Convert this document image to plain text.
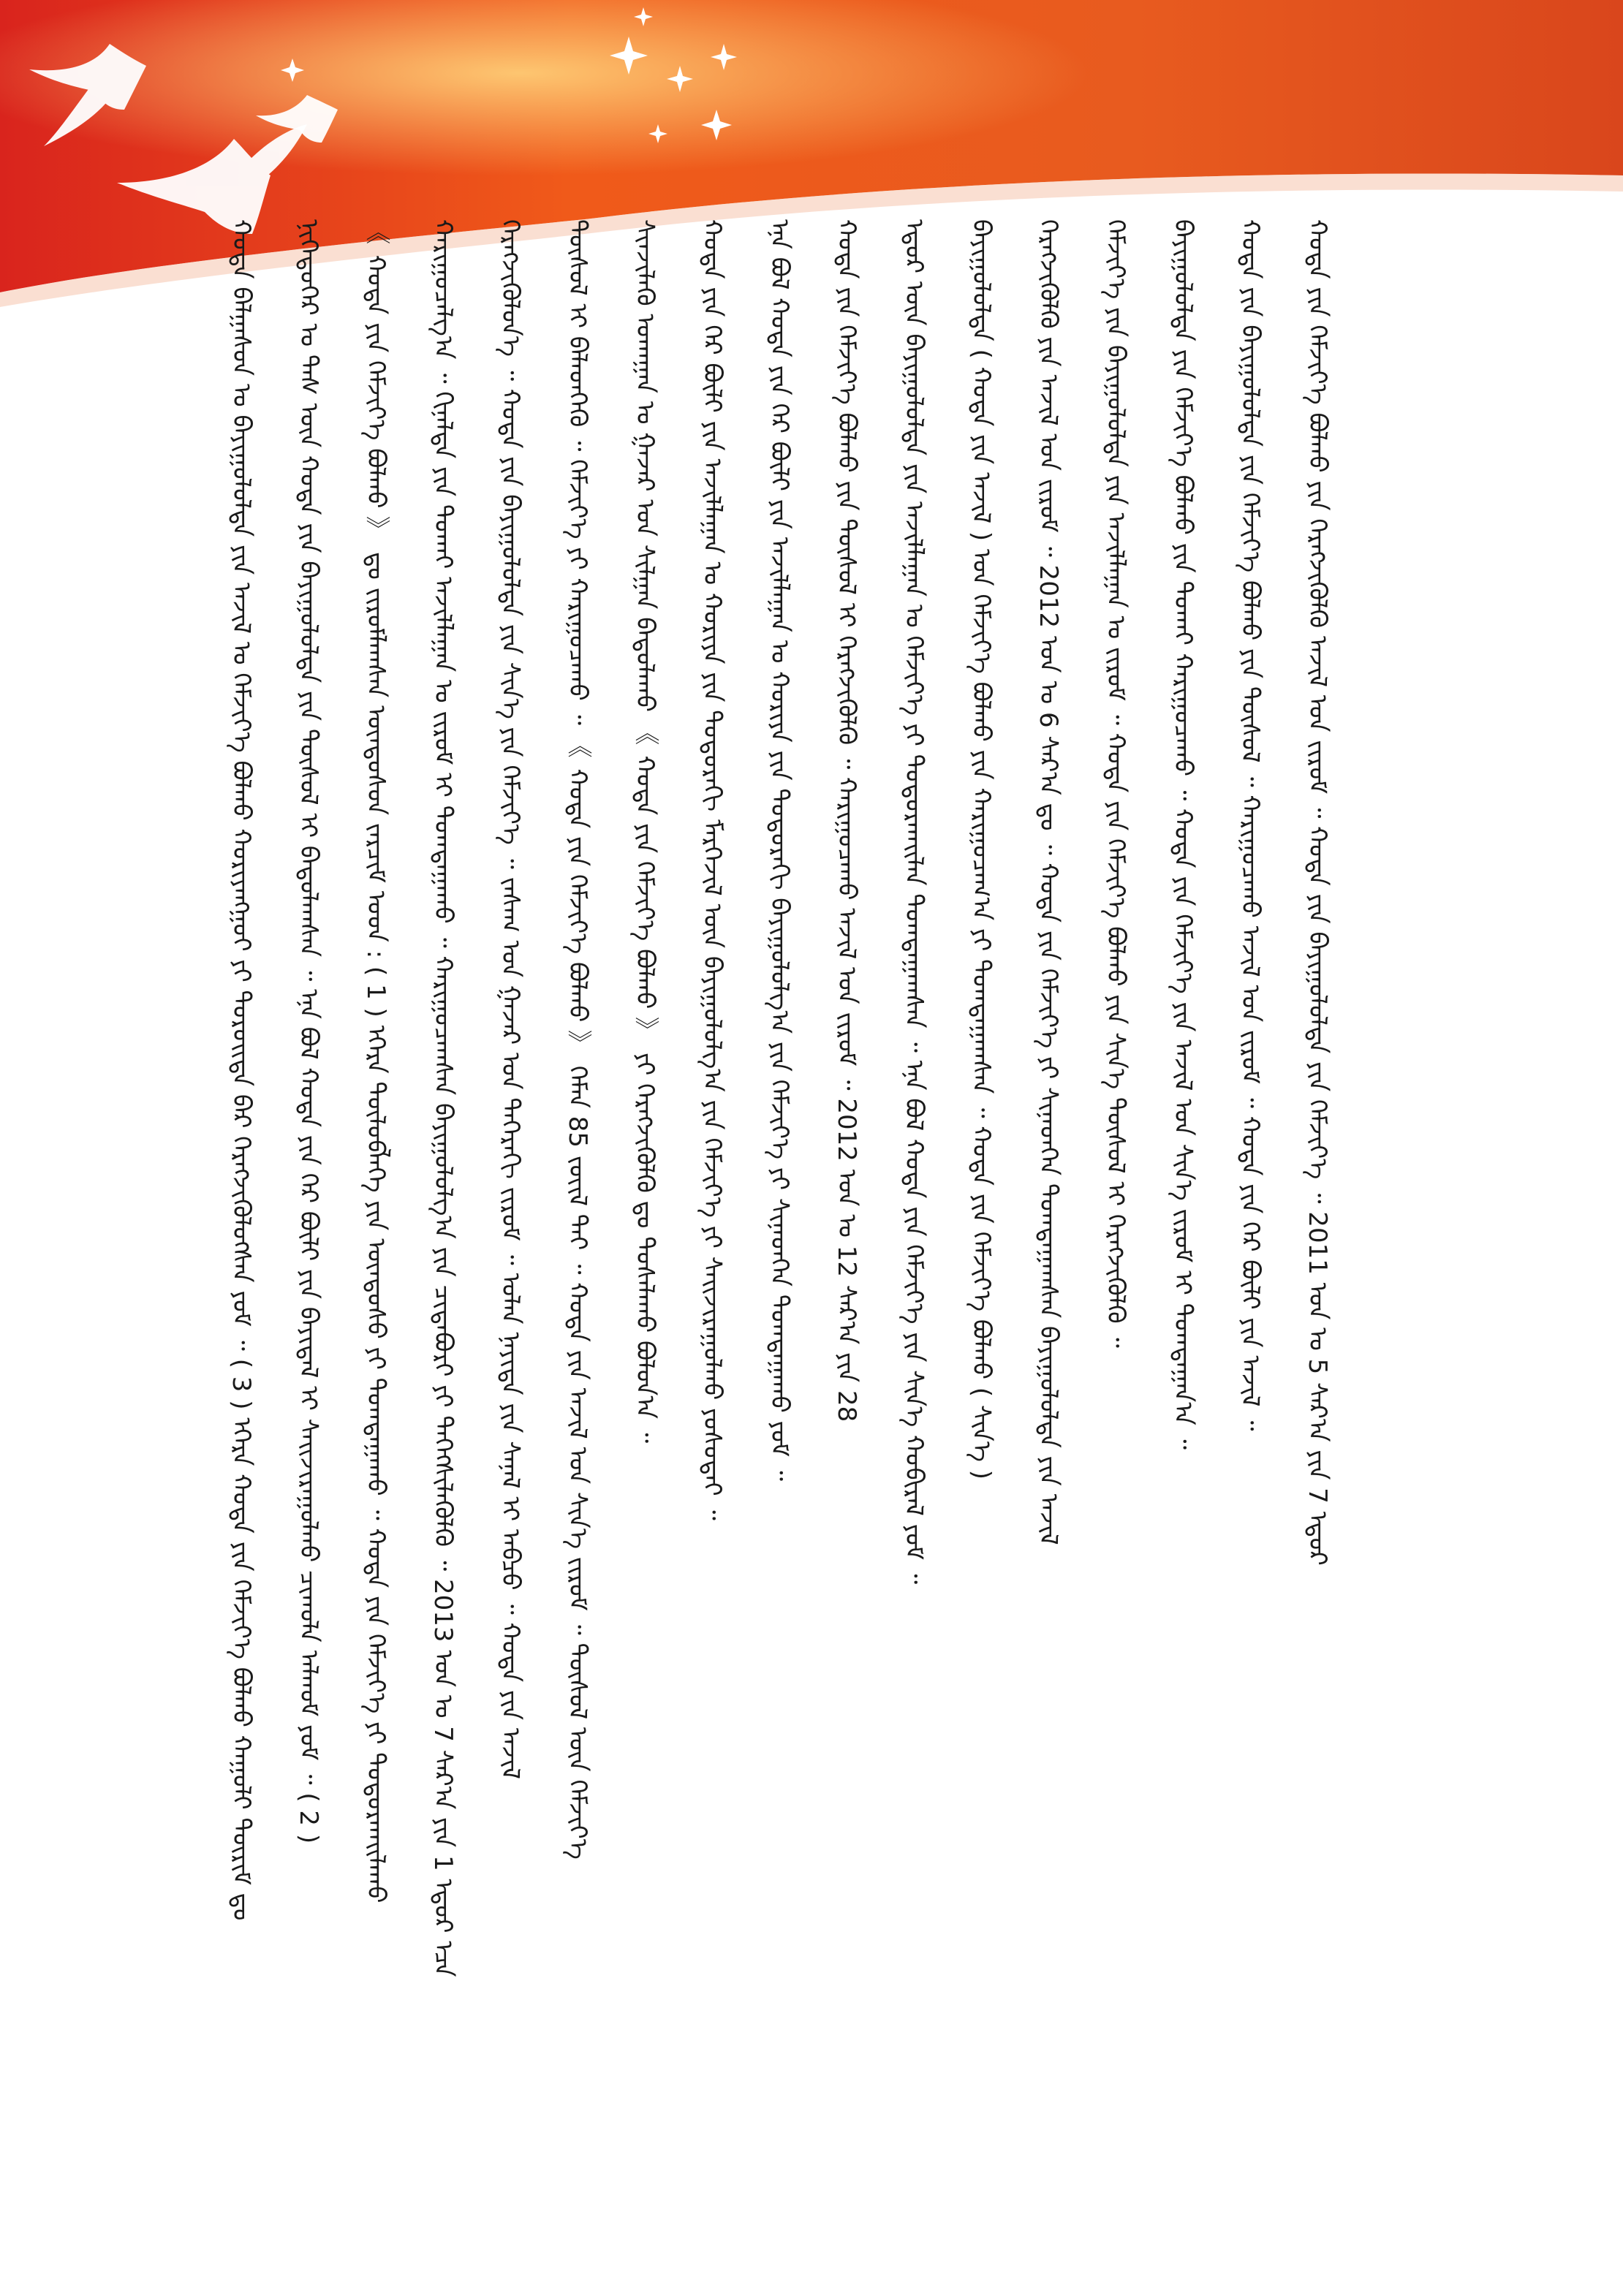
ᠬᠤᠲᠠ ᠪᠠᠯᠭᠠᠰᠤᠨ ᠤ ᠪᠠᠶᠢᠭᠤᠯᠤᠯᠲᠠ ᠶᠢᠨ ᠠᠵᠢᠯ ᠤ ᠬᠡᠮᠵᠢᠶ᠎ᠡ ᠪᠣᠯᠬᠤ ᠬᠤᠷᠢᠶᠠᠩᠭᠤᠢ ᠶᠢ ᠳᠣᠷᠤᠢᠲᠠ ᠪᠡᠷ ᠬᠡᠷᠡᠭᠵᠢᠭᠦᠯᠦᠭᠰᠡᠨ ᠶᠤᠮ ᠃ ( 3 ) ᠡᠬᠡᠷᠡ ᠬᠣᠲᠠ ᠶᠢᠨ ᠬᠡᠮᠵᠢᠶ᠎ᠡ ᠪᠣᠯᠬᠤ ᠬᠠᠭᠤᠯᠢ ᠳᠦᠷᠢᠮ ᠳᠤ ᠨᠢᠭᠡᠳᠦᠭᠡᠷ ᠤ ᠳᠡᠰ ᠦᠨ ᠬᠣᠲᠠ ᠶᠢᠨ ᠪᠠᠶᠢᠭᠤᠯᠤᠯᠲᠠ ᠶᠢᠨ ᠲᠥᠰᠦᠯ ᠢ ᠪᠠᠲᠤᠯᠠᠭᠰᠠᠨ ᠃ ᠡᠨᠡ ᠪᠣᠯ ᠬᠣᠲᠠ ᠶᠢᠨ ᠭᠡᠷ ᠪᠦᠯᠢ ᠶᠢᠨ ᠪᠠᠶᠢᠳᠠᠯ ᠢ ᠰᠠᠢᠵᠢᠷᠠᠭᠤᠯᠬᠤ ᠴᠢᠬᠤᠯᠠ ᠠᠯᠬᠤᠮ ᠶᠤᠮ ᠃ ( 2 ) 《 ᠬᠣᠲᠠ ᠶᠢᠨ ᠬᠡᠮᠵᠢᠶ᠎ᠡ ᠪᠣᠯᠬᠤ 》 ᠳᠤ ᠵᠢᠷᠤᠮᠯᠠᠭᠰᠠᠨ ᠦᠨᠳᠦᠰᠦᠨ ᠵᠠᠷᠴᠢᠮ ᠤᠳ : ( 1 ) ᠡᠬᠡᠷᠡ ᠲᠥᠯᠥᠪᠯᠡᠭᠡ ᠶᠢᠨ ᠦᠨᠳᠦᠰᠦ ᠶᠢ ᠲᠣᠭᠲᠠᠭᠠᠬᠤ ᠃ ᠬᠣᠲᠠ ᠶᠢᠨ ᠬᠡᠮᠵᠢᠶ᠎ᠡ ᠶᠢ ᠲᠣᠳᠤᠷᠬᠠᠢᠯᠠᠬᠤ ᠬᠠᠷᠢᠭᠤᠴᠠᠯᠭ᠎ᠠ ᠃ ᠬᠢᠨᠠᠯᠲᠠ ᠶᠢᠨ ᠲᠤᠬᠠᠢ ᠠᠵᠢᠯᠯᠠᠭᠠᠨ ᠤ ᠵᠢᠷᠤᠮ ᠢ ᠲᠣᠭᠲᠠᠭᠠᠬᠤ ᠃ ᠬᠠᠷᠢᠭᠤᠴᠠᠭᠰᠠᠨ ᠪᠠᠶᠢᠭᠤᠯᠤᠯᠭ᠎ᠠ ᠶᠢᠨ ᠴᠢᠳᠠᠪᠤᠷᠢ ᠶᠢ ᠳᠡᠭᠡᠭᠰᠢᠯᠡᠭᠦᠯᠬᠦ ᠃ 2013 ᠣᠨ ᠤ 7 ᠰᠠᠷ᠎ᠠ ᠶᠢᠨ 1 ᠡᠳᠦᠷ ᠡᠴᠡ ᠬᠡᠷᠡᠭᠵᠢᠭᠦᠯᠦᠨ᠎ᠡ ᠃ ᠬᠣᠲᠠ ᠶᠢᠨ ᠪᠠᠶᠢᠭᠤᠯᠤᠯᠲᠠ ᠶᠢᠨ ᠰᠢᠨ᠎ᠡ ᠶᠢᠨ ᠬᠡᠮᠵᠢᠶ᠎ᠡ ᠃ ᠵᠠᠰᠠᠭ ᠤᠨ ᠭᠠᠵᠠᠷ ᠤᠨ ᠳᠡᠭᠡᠷᠡᠬᠢ ᠵᠢᠷᠤᠮ ᠃ ᠣᠯᠠᠨ ᠨᠡᠶᠢᠲᠡ ᠶᠢᠨ ᠰᠠᠨᠠᠯ ᠢ ᠠᠪᠴᠤ ᠃ ᠬᠣᠲᠠ ᠶᠢᠨ ᠠᠵᠢᠯ ᠲᠥᠰᠦᠯ ᠢ ᠪᠡᠯᠡᠳᠬᠡᠬᠦ ᠃ ᠬᠡᠮᠵᠢᠶ᠎ᠡ ᠶᠢ ᠬᠠᠷᠢᠭᠤᠴᠠᠬᠤ ᠃ 《 ᠬᠣᠲᠠ ᠶᠢᠨ ᠬᠡᠮᠵᠢᠶ᠎ᠡ ᠪᠣᠯᠬᠤ 》 ᠬᠡᠮᠡᠨ 85 ᠵᠦᠢᠯ ᠲᠠᠢ ᠃ ᠬᠣᠲᠠ ᠶᠢᠨ ᠠᠵᠢᠯ ᠤᠨ ᠰᠢᠨ᠎ᠡ ᠵᠢᠷᠤᠮ ᠃ ᠲᠥᠰᠦᠯ ᠦᠨ ᠬᠡᠮᠵᠢᠶ᠎ᠡ ᠰᠢᠨᠵᠢᠯᠡᠬᠦ ᠤᠬᠠᠭᠠᠨ ᠤ ᠭᠠᠵᠠᠷ ᠤᠨ ᠰᠢᠯᠭᠠᠨ ᠪᠠᠲᠤᠯᠠᠬᠤ 《 ᠬᠣᠲᠠ ᠶᠢᠨ ᠬᠡᠮᠵᠢᠶ᠎ᠡ ᠪᠣᠯᠬᠤ 》 ᠶᠢ ᠬᠡᠷᠡᠭᠵᠢᠭᠦᠯᠬᠦ ᠳᠤ ᠲᠤᠰᠠᠯᠠᠬᠤ ᠪᠣᠯᠤᠨ᠎ᠠ ᠃ ᠬᠣᠲᠠ ᠶᠢᠨ ᠭᠡᠷ ᠪᠦᠯᠢ ᠶᠢᠨ ᠠᠵᠢᠯᠯᠠᠭᠠᠨ ᠤ ᠬᠣᠷᠢᠶᠠ ᠶᠢᠨ ᠳᠣᠲᠣᠷᠠᠬᠢ ᠮᠡᠷᠭᠡᠵᠢᠯ ᠦᠨ ᠪᠠᠶᠢᠭᠤᠯᠤᠯᠭ᠎ᠠ ᠶᠢᠨ ᠬᠡᠮᠵᠢᠶ᠎ᠡ ᠶᠢ ᠰᠠᠢᠵᠢᠷᠠᠭᠤᠯᠬᠤ ᠶᠤᠰᠤᠳᠠᠢ ᠃ ᠡᠨᠡ ᠪᠣᠯ ᠬᠣᠲᠠ ᠶᠢᠨ ᠭᠡᠷ ᠪᠦᠯᠢ ᠶᠢᠨ ᠠᠵᠢᠯᠯᠠᠭᠠᠨ ᠤ ᠬᠣᠷᠢᠶᠠ ᠶᠢᠨ ᠳᠣᠲᠣᠷᠠᠬᠢ ᠪᠠᠶᠢᠭᠤᠯᠤᠯᠭ᠎ᠠ ᠶᠢᠨ ᠬᠡᠮᠵᠢᠶ᠎ᠡ ᠶᠢ ᠰᠢᠨᠡᠳᠬᠡᠨ ᠲᠣᠭᠲᠠᠭᠠᠬᠤ ᠶᠤᠮ ᠃ ᠬᠣᠲᠠ ᠶᠢᠨ ᠬᠡᠮᠵᠢᠶ᠎ᠡ ᠪᠣᠯᠬᠤ ᠶᠢᠨ ᠲᠥᠰᠦᠯ ᠢ ᠬᠡᠷᠡᠭᠵᠢᠭᠦᠯᠬᠦ ᠃ ᠬᠠᠷᠢᠭᠤᠴᠠᠬᠤ ᠠᠵᠢᠯ ᠤᠨ ᠵᠢᠷᠤᠮ ᠃ 2012 ᠣᠨ ᠤ 12 ᠰᠠᠷ᠎ᠠ ᠶᠢᠨ 28 ᠡᠳᠦᠷ ᠦᠨ ᠪᠠᠶᠢᠭᠤᠯᠤᠯᠲᠠ ᠶᠢᠨ ᠠᠵᠢᠯᠯᠠᠭᠠᠨ ᠤ ᠬᠡᠮᠵᠢᠶ᠎ᠡ ᠶᠢ ᠲᠣᠳᠤᠷᠬᠠᠢᠯᠠᠨ ᠲᠣᠭᠲᠠᠭᠠᠭᠰᠠᠨ ᠃ ᠡᠨᠡ ᠪᠣᠯ ᠬᠣᠲᠠ ᠶᠢᠨ ᠬᠡᠮᠵᠢᠶ᠎ᠡ ᠶᠢᠨ ᠰᠢᠨ᠎ᠡ ᠬᠤᠪᠢᠷᠠᠯ ᠶᠤᠮ ᠃ ᠪᠠᠶᠢᠭᠤᠯᠤᠯᠲᠠ ( ᠬᠣᠲᠠ ᠶᠢᠨ ᠠᠵᠢᠯ ) ᠤᠨ ᠬᠡᠮᠵᠢᠶ᠎ᠡ ᠪᠣᠯᠬᠤ ᠶᠢᠨ ᠬᠠᠷᠢᠭᠤᠴᠠᠭ᠎ᠠ ᠶᠢ ᠲᠣᠭᠲᠠᠭᠠᠭᠰᠠᠨ ᠃ ᠬᠣᠲᠠ ᠶᠢᠨ ᠬᠡᠮᠵᠢᠶ᠎ᠡ ᠪᠣᠯᠬᠤ ( ᠰᠢᠨ᠎ᠡ ) ᠬᠡᠷᠡᠭᠵᠢᠭᠦᠯᠬᠦ ᠶᠢᠨ ᠠᠵᠢᠯ ᠤᠨ ᠵᠢᠷᠤᠮ ᠃ 2012 ᠣᠨ ᠤ 6 ᠰᠠᠷ᠎ᠠ ᠳᠤ ᠃ ᠬᠣᠲᠠ ᠶᠢᠨ ᠬᠡᠮᠵᠢᠶ᠎ᠡ ᠶᠢ ᠰᠢᠨᠡᠳᠬᠡᠨ ᠲᠣᠭᠲᠠᠭᠠᠭᠰᠠᠨ ᠪᠠᠶᠢᠭᠤᠯᠤᠯᠲᠠ ᠶᠢᠨ ᠠᠵᠢᠯ ᠬᠡᠮᠵᠢᠶ᠎ᠡ ᠶᠢᠨ ᠪᠠᠶᠢᠭᠤᠯᠤᠯᠲᠠ ᠶᠢᠨ ᠠᠵᠢᠯᠯᠠᠭᠠᠨ ᠤ ᠵᠢᠷᠤᠮ ᠃ ᠬᠣᠲᠠ ᠶᠢᠨ ᠬᠡᠮᠵᠢᠶ᠎ᠡ ᠪᠣᠯᠬᠤ ᠶᠢᠨ ᠰᠢᠨ᠎ᠡ ᠲᠥᠰᠦᠯ ᠢ ᠬᠡᠷᠡᠭᠵᠢᠭᠦᠯᠬᠦ ᠃ ᠪᠠᠶᠢᠭᠤᠯᠤᠯᠲᠠ ᠶᠢᠨ ᠬᠡᠮᠵᠢᠶ᠎ᠡ ᠪᠣᠯᠬᠤ ᠶᠢᠨ ᠲᠤᠬᠠᠢ ᠬᠠᠷᠢᠭᠤᠴᠠᠬᠤ ᠃ ᠬᠣᠲᠠ ᠶᠢᠨ ᠬᠡᠮᠵᠢᠶ᠎ᠡ ᠶᠢᠨ ᠠᠵᠢᠯ ᠤᠨ ᠰᠢᠨ᠎ᠡ ᠵᠢᠷᠤᠮ ᠢ ᠲᠣᠭᠲᠠᠭᠠᠨ᠎ᠠ ᠃ ᠬᠣᠲᠠ ᠶᠢᠨ ᠪᠠᠶᠢᠭᠤᠯᠤᠯᠲᠠ ᠶᠢᠨ ᠬᠡᠮᠵᠢᠶ᠎ᠡ ᠪᠣᠯᠬᠤ ᠶᠢᠨ ᠲᠥᠰᠦᠯ ᠃ ᠬᠠᠷᠢᠭᠤᠴᠠᠬᠤ ᠠᠵᠢᠯ ᠤᠨ ᠵᠢᠷᠤᠮ ᠃ ᠬᠣᠲᠠ ᠶᠢᠨ ᠭᠡᠷ ᠪᠦᠯᠢ ᠶᠢᠨ ᠠᠵᠢᠯ ᠃ ᠬᠣᠲᠠ ᠶᠢᠨ ᠬᠡᠮᠵᠢᠶ᠎ᠡ ᠪᠣᠯᠬᠤ ᠶᠢᠨ ᠬᠡᠷᠡᠭᠵᠢᠭᠦᠯᠬᠦ ᠠᠵᠢᠯ ᠤᠨ ᠵᠢᠷᠤᠮ ᠃ ᠬᠣᠲᠠ ᠶᠢᠨ ᠪᠠᠶᠢᠭᠤᠯᠤᠯᠲᠠ ᠶᠢᠨ ᠬᠡᠮᠵᠢᠶ᠎ᠡ ᠃ 2011 ᠣᠨ ᠤ 5 ᠰᠠᠷ᠎ᠠ ᠶᠢᠨ 7 ᠡᠳᠦᠷ
